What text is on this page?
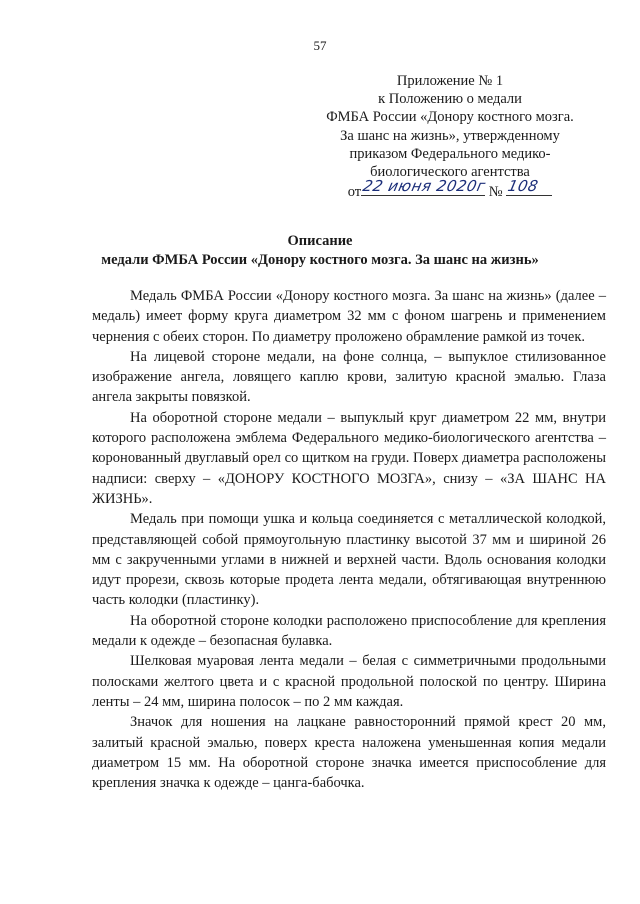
57
Приложение № 1
к Положению о медали
ФМБА России «Донору костного мозга.
За шанс на жизнь», утвержденному
приказом Федерального медико-
биологического агентства
от 22 июня 2020г № 108
Описание
медали ФМБА России «Донору костного мозга. За шанс на жизнь»

Медаль ФМБА России «Донору костного мозга. За шанс на жизнь» (далее – медаль) имеет форму круга диаметром 32 мм с фоном шагрень и применением чернения с обеих сторон. По диаметру проложено обрамление рамкой из точек.

На лицевой стороне медали, на фоне солнца, – выпуклое стилизованное изображение ангела, ловящего каплю крови, залитую красной эмалью. Глаза ангела закрыты повязкой.

На оборотной стороне медали – выпуклый круг диаметром 22 мм, внутри которого расположена эмблема Федерального медико-биологического агентства – коронованный двуглавый орел со щитком на груди. Поверх диаметра расположены надписи: сверху – «ДОНОРУ КОСТНОГО МОЗГА», снизу – «ЗА ШАНС НА ЖИЗНЬ».

Медаль при помощи ушка и кольца соединяется с металлической колодкой, представляющей собой прямоугольную пластинку высотой 37 мм и шириной 26 мм с закрученными углами в нижней и верхней части. Вдоль основания колодки идут прорези, сквозь которые продета лента медали, обтягивающая внутреннюю часть колодки (пластинку).

На оборотной стороне колодки расположено приспособление для крепления медали к одежде – безопасная булавка.

Шелковая муаровая лента медали – белая с симметричными продольными полосками желтого цвета и с красной продольной полоской по центру. Ширина ленты – 24 мм, ширина полосок – по 2 мм каждая.

Значок для ношения на лацкане равносторонний прямой крест 20 мм, залитый красной эмалью, поверх креста наложена уменьшенная копия медали диаметром 15 мм. На оборотной стороне значка имеется приспособление для крепления значка к одежде – цанга-бабочка.
